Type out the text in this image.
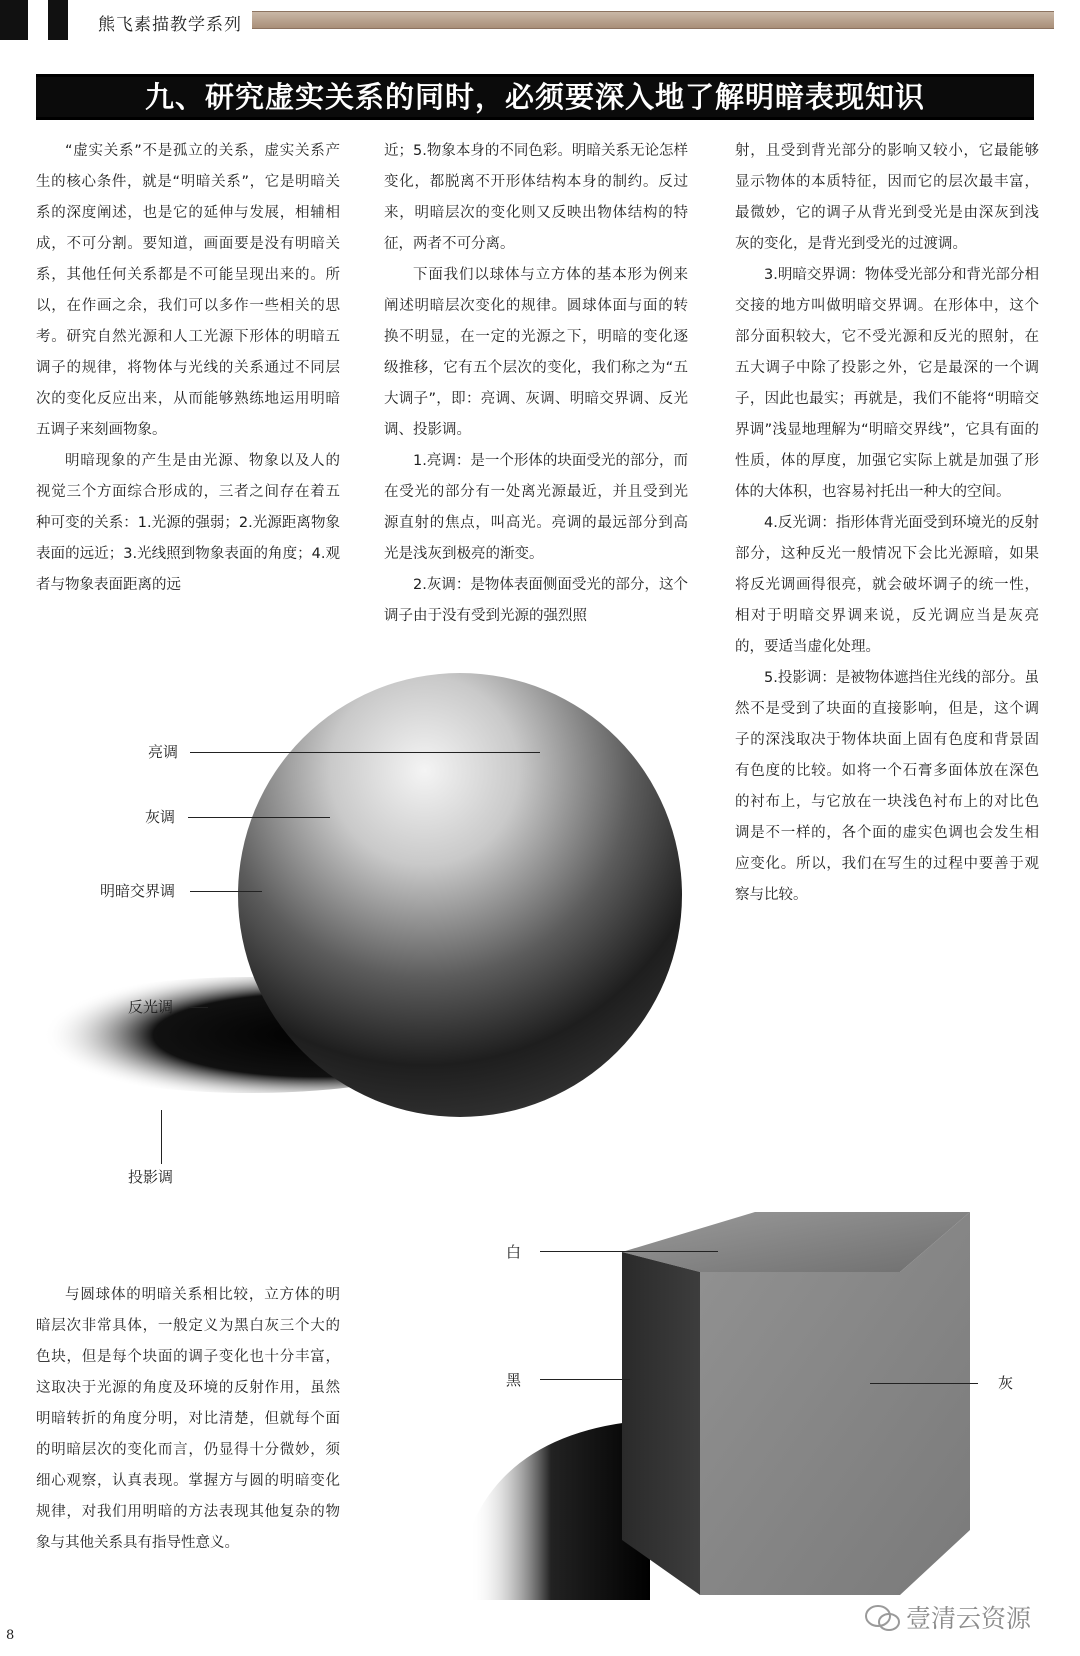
熊飞素描教学系列
九、研究虚实关系的同时，必须要深入地了解明暗表现知识

“虚实关系”不是孤立的关系，虚实关系产生的核心条件，就是“明暗关系”，它是明暗关系的深度阐述，也是它的延伸与发展，相辅相成，不可分割。要知道，画面要是没有明暗关系，其他任何关系都是不可能呈现出来的。所以，在作画之余，我们可以多作一些相关的思考。研究自然光源和人工光源下形体的明暗五调子的规律，将物体与光线的关系通过不同层次的变化反应出来，从而能够熟练地运用明暗五调子来刻画物象。

明暗现象的产生是由光源、物象以及人的视觉三个方面综合形成的，三者之间存在着五种可变的关系：1.光源的强弱；2.光源距离物象表面的远近；3.光线照到物象表面的角度；4.观者与物象表面距离的远

近；5.物象本身的不同色彩。明暗关系无论怎样变化，都脱离不开形体结构本身的制约。反过来，明暗层次的变化则又反映出物体结构的特征，两者不可分离。

下面我们以球体与立方体的基本形为例来阐述明暗层次变化的规律。圆球体面与面的转换不明显，在一定的光源之下，明暗的变化逐级推移，它有五个层次的变化，我们称之为“五大调子”，即：亮调、灰调、明暗交界调、反光调、投影调。

1.亮调：是一个形体的块面受光的部分，而在受光的部分有一处离光源最近，并且受到光源直射的焦点，叫高光。亮调的最远部分到高光是浅灰到极亮的渐变。

2.灰调：是物体表面侧面受光的部分，这个调子由于没有受到光源的强烈照

射，且受到背光部分的影响又较小，它最能够显示物体的本质特征，因而它的层次最丰富，最微妙，它的调子从背光到受光是由深灰到浅灰的变化，是背光到受光的过渡调。

3.明暗交界调：物体受光部分和背光部分相交接的地方叫做明暗交界调。在形体中，这个部分面积较大，它不受光源和反光的照射，在五大调子中除了投影之外，它是最深的一个调子，因此也最实；再就是，我们不能将“明暗交界调”浅显地理解为“明暗交界线”，它具有面的性质，体的厚度，加强它实际上就是加强了形体的大体积，也容易衬托出一种大的空间。

4.反光调：指形体背光面受到环境光的反射部分，这种反光一般情况下会比光源暗，如果将反光调画得很亮，就会破坏调子的统一性，相对于明暗交界调来说，反光调应当是灰亮的，要适当虚化处理。

5.投影调：是被物体遮挡住光线的部分。虽然不是受到了块面的直接影响，但是，这个调子的深浅取决于物体块面上固有色度和背景固有色度的比较。如将一个石膏多面体放在深色的衬布上，与它放在一块浅色衬布上的对比色调是不一样的，各个面的虚实色调也会发生相应变化。所以，我们在写生的过程中要善于观察与比较。

亮调
灰调
明暗交界调
反光调
投影调

与圆球体的明暗关系相比较，立方体的明暗层次非常具体，一般定义为黑白灰三个大的色块，但是每个块面的调子变化也十分丰富，这取决于光源的角度及环境的反射作用，虽然明暗转折的角度分明，对比清楚，但就每个面的明暗层次的变化而言，仍显得十分微妙，须细心观察，认真表现。掌握方与圆的明暗变化规律，对我们用明暗的方法表现其他复杂的物象与其他关系具有指导性意义。

白
黑	灰
8
壹清云资源
